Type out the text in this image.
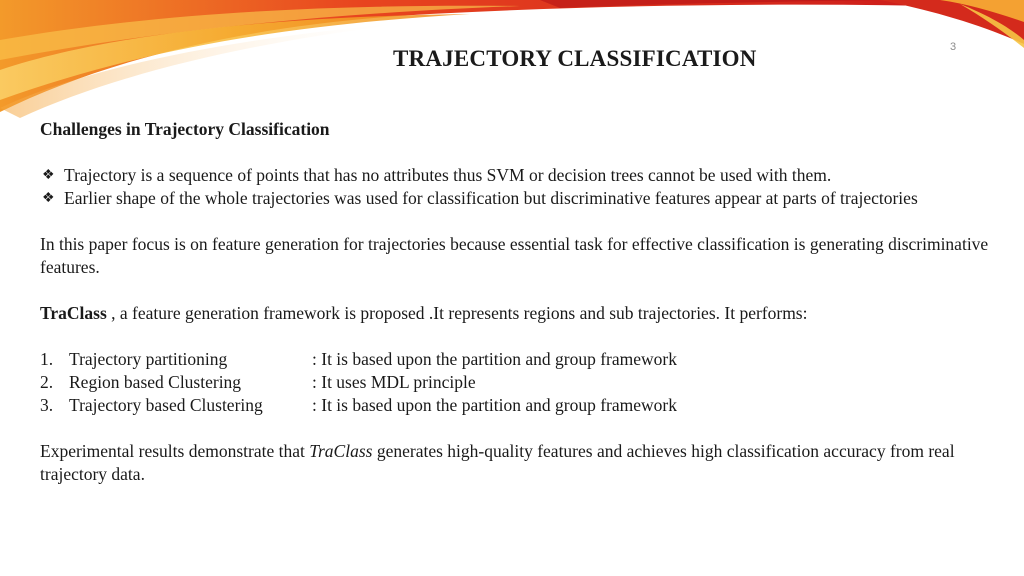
3
TRAJECTORY CLASSIFICATION

Challenges in Trajectory Classification

❖ Trajectory is a sequence of points that has no attributes thus SVM or decision trees cannot be used with them.
❖ Earlier shape of the whole trajectories was used for classification but discriminative features appear at parts of trajectories

In this paper focus is on feature generation for trajectories because essential task for effective classification is generating discriminative features.

TraClass , a feature generation framework is proposed .It represents regions and sub trajectories. It performs:

1. Trajectory partitioning	: It is based upon the partition and group framework
2. Region based Clustering	: It uses MDL principle
3. Trajectory based Clustering	: It is based upon the partition and group framework

Experimental results demonstrate that TraClass generates high-quality features and achieves high classification accuracy from real trajectory data.
